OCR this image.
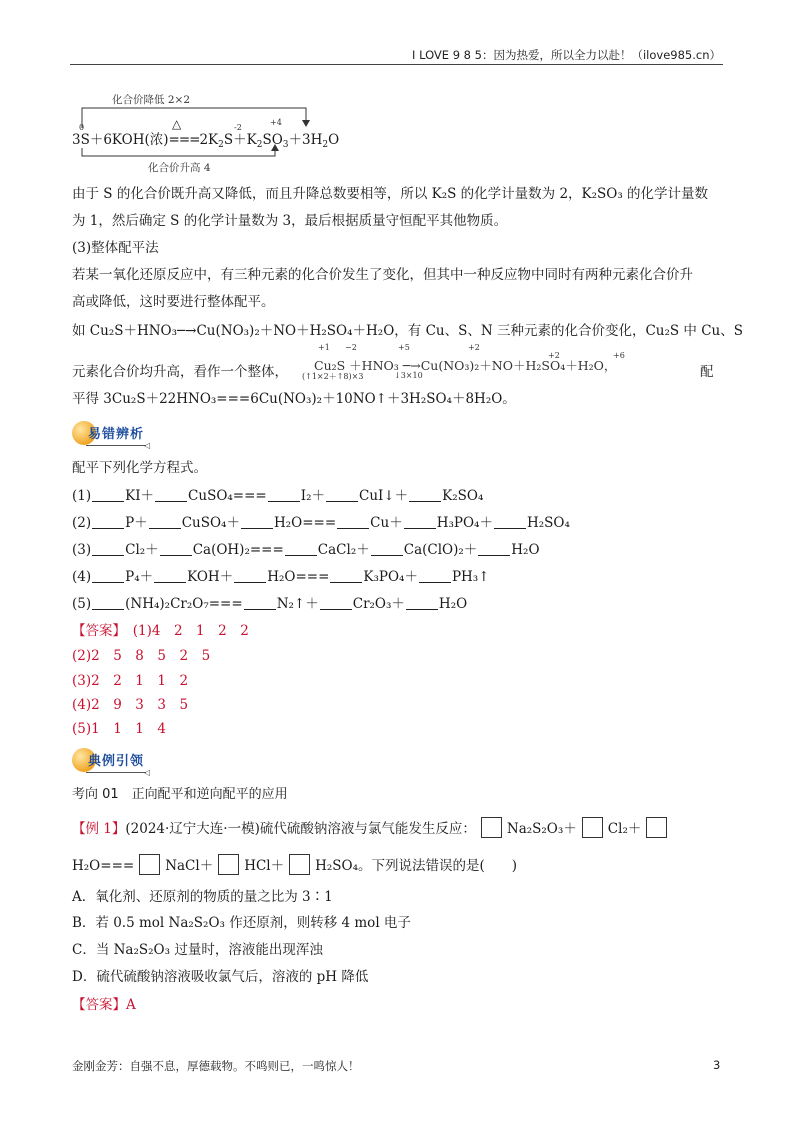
I LOVE 9 8 5：因为热爱，所以全力以赴！（ilove985.cn）
化合价降低 2×2
化合价升高 4
0	-2
+4
△
3S＋6KOH(浓)$===2K_2S+K_2SO_3+3H_2O$
由于 S 的化合价既升高又降低，而且升降总数要相等，所以 K₂S 的化学计量数为 2，K₂SO₃ 的化学计量数
为 1，然后确定 S 的化学计量数为 3，最后根据质量守恒配平其他物质。
(3)整体配平法
若某一氧化还原反应中，有三种元素的化合价发生了变化，但其中一种反应物中同时有两种元素化合价升
高或降低，这时要进行整体配平。
如 Cu₂S＋HNO₃─→Cu(NO₃)₂＋NO＋H₂SO₄＋H₂O，有 Cu、S、N 三种元素的化合价变化，Cu₂S 中 Cu、S
元素化合价均升高，看作一个整体，
+1 −2	+5	+2
+2	+6
Cu₂S ＋HNO₃ ─→Cu(NO₃)₂＋NO＋H₂SO₄＋H₂O，
(↑1×2＋↑8)×3	↓3×10	配
平得 3Cu₂S＋22HNO₃===6Cu(NO₃)₂＋10NO↑＋3H₂SO₄＋8H₂O。
易错辨析
◁
配平下列化学方程式。
(1)	KI＋	CuSO₄===	I₂＋	CuI↓＋	K₂SO₄
(2)	P＋	CuSO₄＋	H₂O===	Cu＋	H₃PO₄＋	H₂SO₄
(3)	Cl₂＋	Ca(OH)₂===	CaCl₂＋	Ca(ClO)₂＋	H₂O
(4)	P₄＋	KOH＋	H₂O===	K₃PO₄＋	PH₃↑
(5)	(NH₄)₂Cr₂O₇===	N₂↑＋	Cr₂O₃＋	H₂O
【答案】　 (1)4　2　1　2　2
(2)2　5　8　5　2　5
(3)2　2　1　1　2
(4)2　9　3　3　5
(5)1　1　1　4
典例引领
◁
考向 01　正向配平和逆向配平的应用
【例 1】(2024·辽宁大连·一模)硫代硫酸钠溶液与氯气能发生反应： Na₂S₂O₃＋ Cl₂＋
H₂O=== NaCl＋ HCl＋ H₂SO₄。下列说法错误的是(　　)
A．氧化剂、还原剂的物质的量之比为 3∶1
B．若 0.5 mol Na₂S₂O₃ 作还原剂，则转移 4 mol 电子
C．当 Na₂S₂O₃ 过量时，溶液能出现浑浊
D．硫代硫酸钠溶液吸收氯气后，溶液的 pH 降低
【答案】A
金刚金芳：自强不息，厚德载物。不鸣则已，一鸣惊人！	3
